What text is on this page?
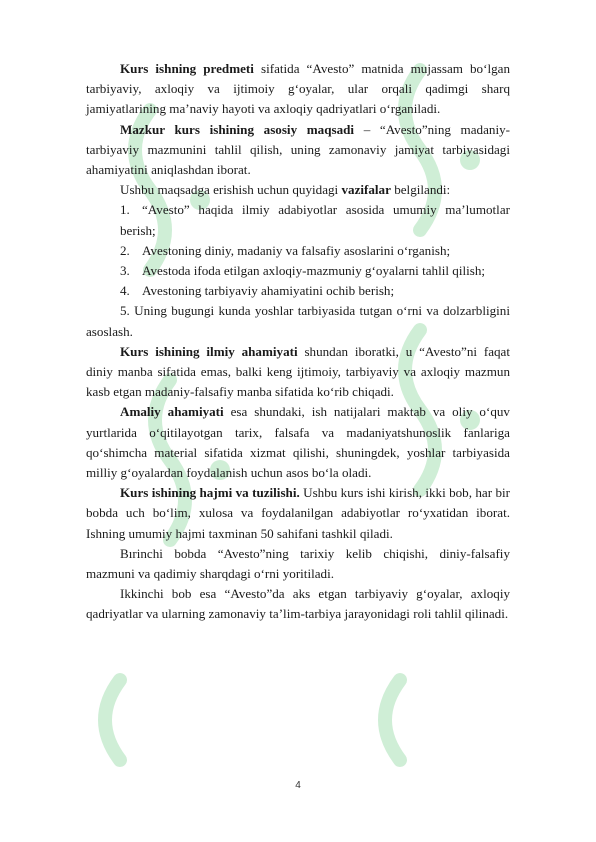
Kurs ishning predmeti sifatida “Avesto” matnida mujassam bo‘lgan tarbiyaviy, axloqiy va ijtimoiy g‘oyalar, ular orqali qadimgi sharq jamiyatlarining ma’naviy hayoti va axloqiy qadriyatlari o‘rganiladi.

Mazkur kurs ishining asosiy maqsadi – “Avesto”ning madaniy-tarbiyaviy mazmunini tahlil qilish, uning zamonaviy jamiyat tarbiyasidagi ahamiyatini aniqlashdan iborat.

Ushbu maqsadga erishish uchun quyidagi vazifalar belgilandi:

1. “Avesto” haqida ilmiy adabiyotlar asosida umumiy ma’lumotlar berish;

2. Avestoning diniy, madaniy va falsafiy asoslarini o‘rganish;

3. Avestoda ifoda etilgan axloqiy-mazmuniy g‘oyalarni tahlil qilish;

4. Avestoning tarbiyaviy ahamiyatini ochib berish;

5. Uning bugungi kunda yoshlar tarbiyasida tutgan o‘rni va dolzarbligini asoslash.

Kurs ishining ilmiy ahamiyati shundan iboratki, u “Avesto”ni faqat diniy manba sifatida emas, balki keng ijtimoiy, tarbiyaviy va axloqiy mazmun kasb etgan madaniy-falsafiy manba sifatida ko‘rib chiqadi.

Amaliy ahamiyati esa shundaki, ish natijalari maktab va oliy o‘quv yurtlarida o‘qitilayotgan tarix, falsafa va madaniyatshunoslik fanlariga qo‘shimcha material sifatida xizmat qilishi, shuningdek, yoshlar tarbiyasida milliy g‘oyalardan foydalanish uchun asos bo‘la oladi.

Kurs ishining hajmi va tuzilishi. Ushbu kurs ishi kirish, ikki bob, har bir bobda uch bo‘lim, xulosa va foydalanilgan adabiyotlar ro‘yxatidan iborat. Ishning umumiy hajmi taxminan 50 sahifani tashkil qiladi.

Bırinchi bobda “Avesto”ning tarixiy kelib chiqishi, diniy-falsafiy mazmuni va qadimiy sharqdagi o‘rni yoritiladi.

Ikkinchi bob esa “Avesto”da aks etgan tarbiyaviy g‘oyalar, axloqiy qadriyatlar va ularning zamonaviy ta’lim-tarbiya jarayonidagi roli tahlil qilinadi.

4
